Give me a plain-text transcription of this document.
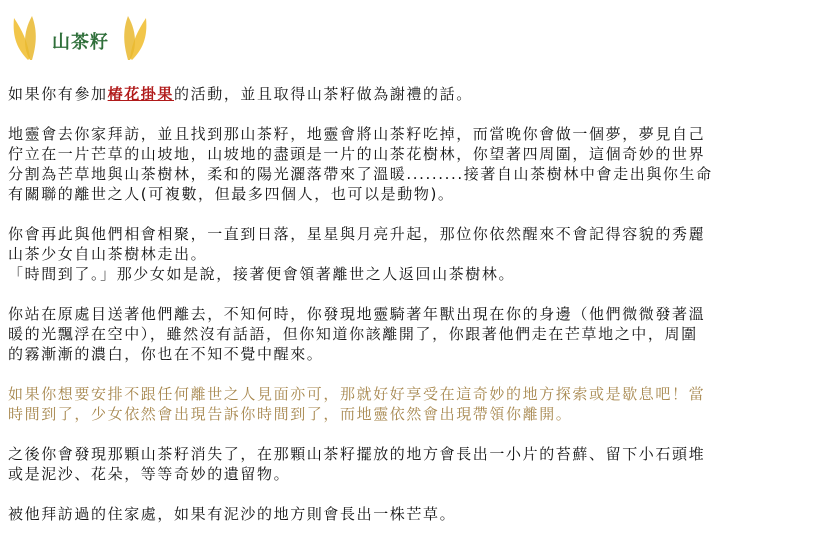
山茶籽

如果你有參加椿花掛果的活動，並且取得山茶籽做為謝禮的話。

地靈會去你家拜訪，並且找到那山茶籽，地靈會將山茶籽吃掉，而當晚你會做一個夢，夢見自己
佇立在一片芒草的山坡地，山坡地的盡頭是一片的山茶花樹林，你望著四周圍，這個奇妙的世界
分割為芒草地與山茶樹林，柔和的陽光灑落帶來了溫暖.........接著自山茶樹林中會走出與你生命
有關聯的離世之人(可複數，但最多四個人，也可以是動物)。

你會再此與他們相會相聚，一直到日落，星星與月亮升起，那位你依然醒來不會記得容貌的秀麗
山茶少女自山茶樹林走出。
「時間到了。」那少女如是說，接著便會領著離世之人返回山茶樹林。

你站在原處目送著他們離去，不知何時，你發現地靈騎著年獸出現在你的身邊（他們微微發著溫
暖的光飄浮在空中），雖然沒有話語，但你知道你該離開了，你跟著他們走在芒草地之中，周圍
的霧漸漸的濃白，你也在不知不覺中醒來。

如果你想要安排不跟任何離世之人見面亦可，那就好好享受在這奇妙的地方探索或是歇息吧！當
時間到了，少女依然會出現告訴你時間到了，而地靈依然會出現帶領你離開。

之後你會發現那顆山茶籽消失了，在那顆山茶籽擺放的地方會長出一小片的苔蘚、留下小石頭堆
或是泥沙、花朵，等等奇妙的遺留物。

被他拜訪過的住家處，如果有泥沙的地方則會長出一株芒草。
